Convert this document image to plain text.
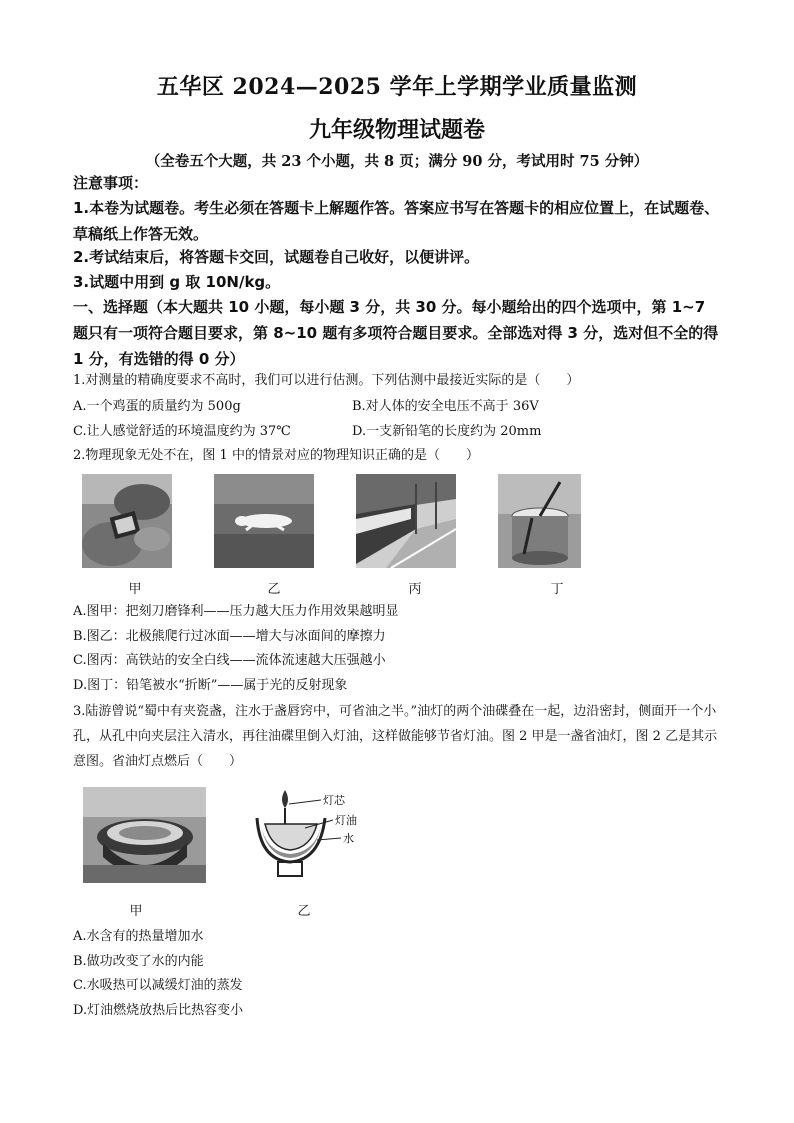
五华区 2024—2025 学年上学期学业质量监测
九年级物理试题卷
（全卷五个大题，共 23 个小题，共 8 页；满分 90 分，考试用时 75 分钟）
注意事项：
1.本卷为试题卷。考生必须在答题卡上解题作答。答案应书写在答题卡的相应位置上，在试题卷、草稿纸上作答无效。
2.考试结束后，将答题卡交回，试题卷自己收好，以便讲评。
3.试题中用到 g 取 10N/kg。
一、选择题（本大题共 10 小题，每小题 3 分，共 30 分。每小题给出的四个选项中，第 1~7 题只有一项符合题目要求，第 8~10 题有多项符合题目要求。全部选对得 3 分，选对但不全的得 1 分，有选错的得 0 分）
1.对测量的精确度要求不高时，我们可以进行估测。下列估测中最接近实际的是（　　）
A.一个鸡蛋的质量约为 500g	B.对人体的安全电压不高于 36V
C.让人感觉舒适的环境温度约为 37℃	D.一支新铅笔的长度约为 20mm
2.物理现象无处不在，图 1 中的情景对应的物理知识正确的是（　　）
甲	乙	丙	丁
A.图甲：把刻刀磨锋利——压力越大压力作用效果越明显
B.图乙：北极熊爬行过冰面——增大与冰面间的摩擦力
C.图丙：高铁站的安全白线——流体流速越大压强越小
D.图丁：铅笔被水“折断”——属于光的反射现象
3.陆游曾说“蜀中有夹瓷盏，注水于盏唇窍中，可省油之半。”油灯的两个油碟叠在一起，边沿密封，侧面开一个小孔，从孔中向夹层注入清水，再往油碟里倒入灯油，这样做能够节省灯油。图 2 甲是一盏省油灯，图 2 乙是其示意图。省油灯点燃后（　　）
甲
灯芯
灯油
水
乙
A.水含有的热量增加水
B.做功改变了水的内能
C.水吸热可以减缓灯油的蒸发
D.灯油燃烧放热后比热容变小
